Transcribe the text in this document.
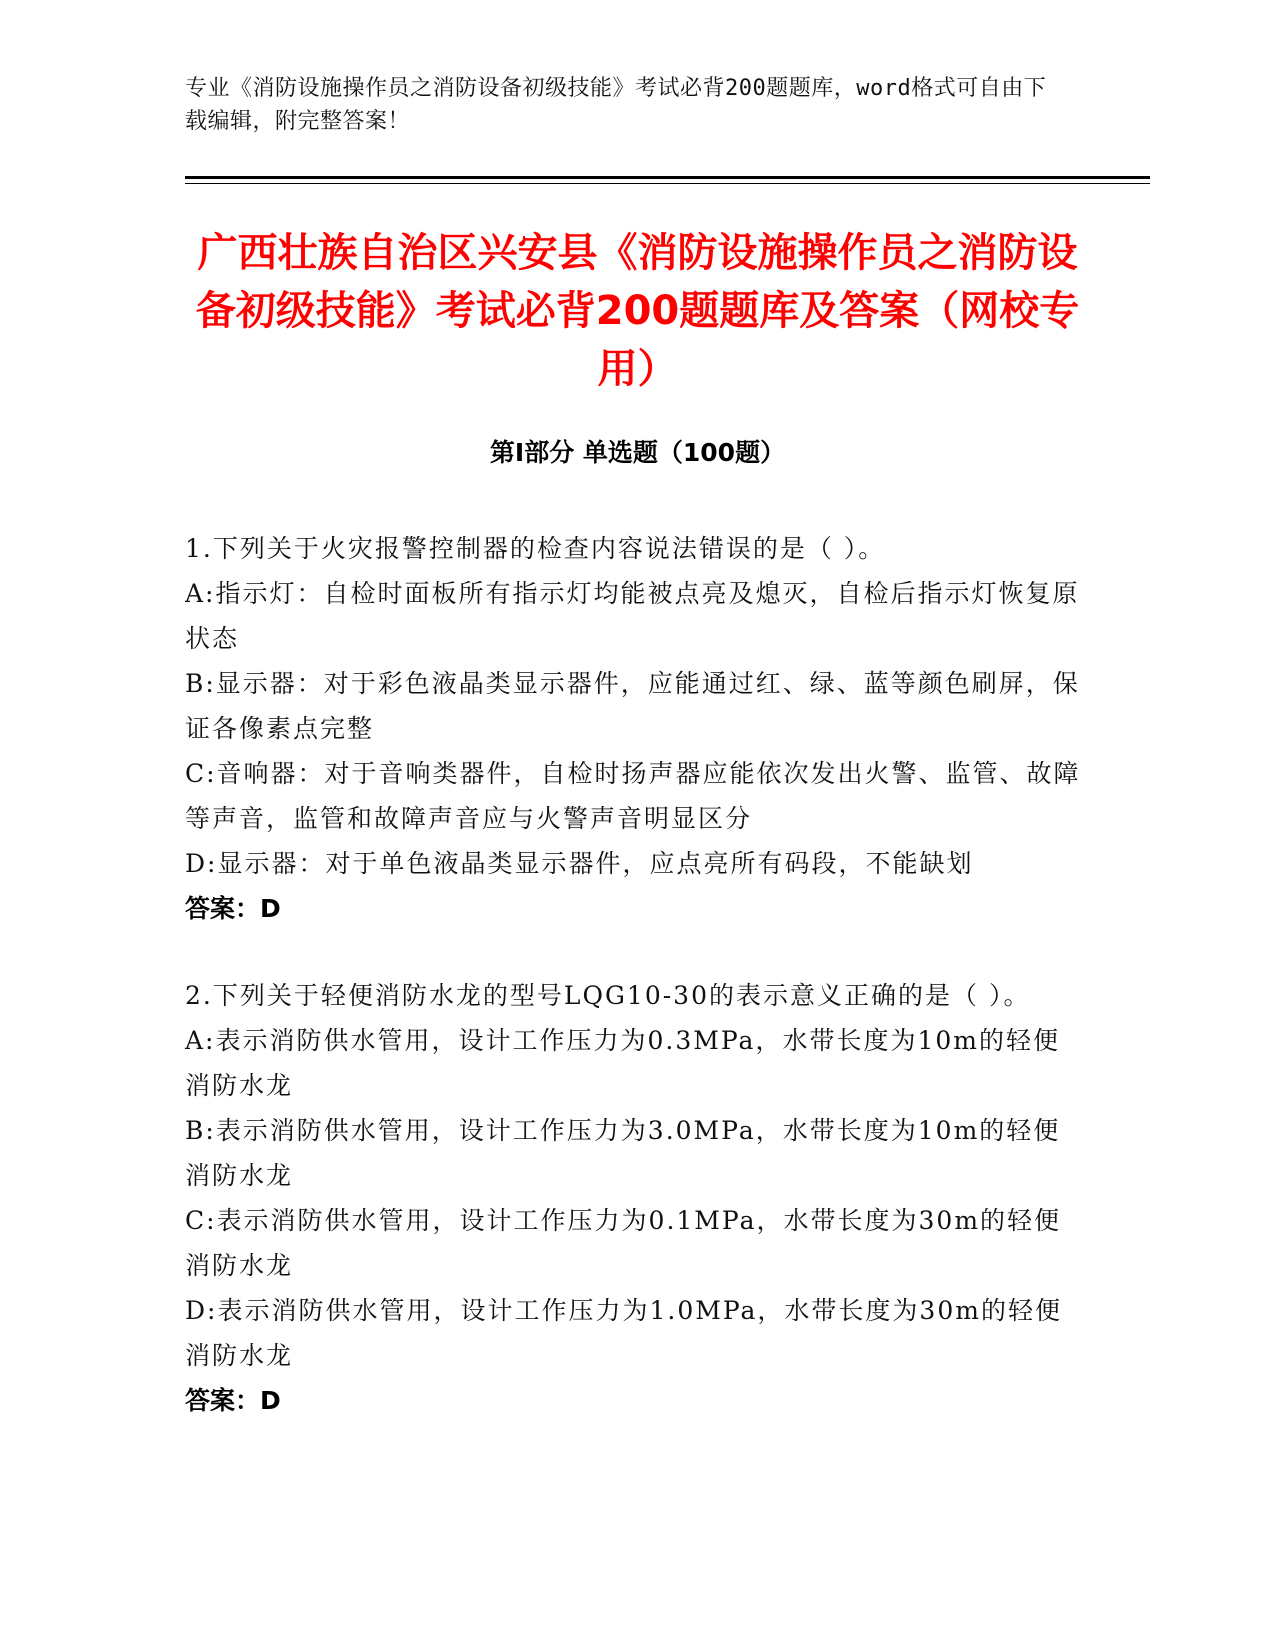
专业《消防设施操作员之消防设备初级技能》考试必背200题题库，word格式可自由下载编辑，附完整答案！
广西壮族自治区兴安县《消防设施操作员之消防设备初级技能》考试必背200题题库及答案（网校专用）
第I部分 单选题（100题）
1.下列关于火灾报警控制器的检查内容说法错误的是（ ）。
A:指示灯：自检时面板所有指示灯均能被点亮及熄灭，自检后指示灯恢复原状态
B:显示器：对于彩色液晶类显示器件，应能通过红、绿、蓝等颜色刷屏，保证各像素点完整
C:音响器：对于音响类器件，自检时扬声器应能依次发出火警、监管、故障等声音，监管和故障声音应与火警声音明显区分
D:显示器：对于单色液晶类显示器件，应点亮所有码段，不能缺划
答案：D
2.下列关于轻便消防水龙的型号LQG10-30的表示意义正确的是（ ）。
A:表示消防供水管用，设计工作压力为0.3MPa，水带长度为10m的轻便消防水龙
B:表示消防供水管用，设计工作压力为3.0MPa，水带长度为10m的轻便消防水龙
C:表示消防供水管用，设计工作压力为0.1MPa，水带长度为30m的轻便消防水龙
D:表示消防供水管用，设计工作压力为1.0MPa，水带长度为30m的轻便消防水龙
答案：D
